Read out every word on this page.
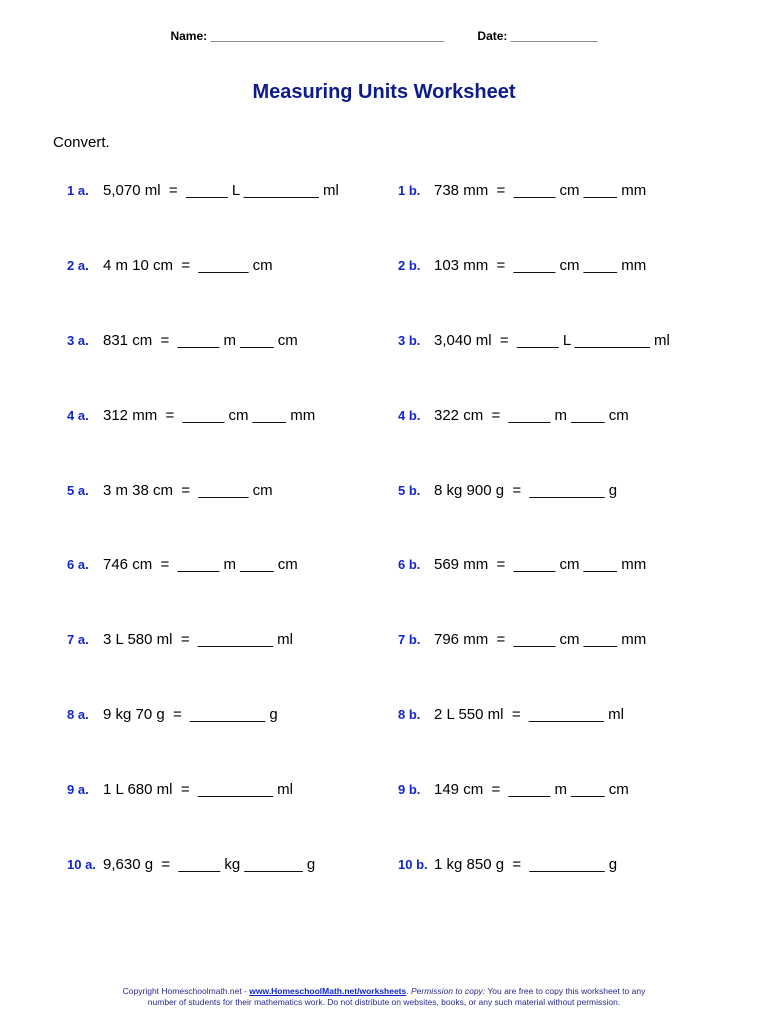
Name: ___________________________________	Date: _____________
Measuring Units Worksheet
Convert.
1 a. 5,070 ml  =  _____ L _________ ml	1 b. 738 mm  =  _____ cm ____ mm
2 a. 4 m 10 cm  =  ______ cm	2 b. 103 mm  =  _____ cm ____ mm
3 a. 831 cm  =  _____ m ____ cm	3 b. 3,040 ml  =  _____ L _________ ml
4 a. 312 mm  =  _____ cm ____ mm	4 b. 322 cm  =  _____ m ____ cm
5 a. 3 m 38 cm  =  ______ cm	5 b. 8 kg 900 g  =  _________ g
6 a. 746 cm  =  _____ m ____ cm	6 b. 569 mm  =  _____ cm ____ mm
7 a. 3 L 580 ml  =  _________ ml	7 b. 796 mm  =  _____ cm ____ mm
8 a. 9 kg 70 g  =  _________ g	8 b. 2 L 550 ml  =  _________ ml
9 a. 1 L 680 ml  =  _________ ml	9 b. 149 cm  =  _____ m ____ cm
10 a. 9,630 g  =  _____ kg _______ g	10 b. 1 kg 850 g  =  _________ g
Copyright Homeschoolmath.net - www.HomeschoolMath.net/worksheets. Permission to copy: You are free to copy this worksheet to any
number of students for their mathematics work. Do not distribute on websites, books, or any such material without permission.
